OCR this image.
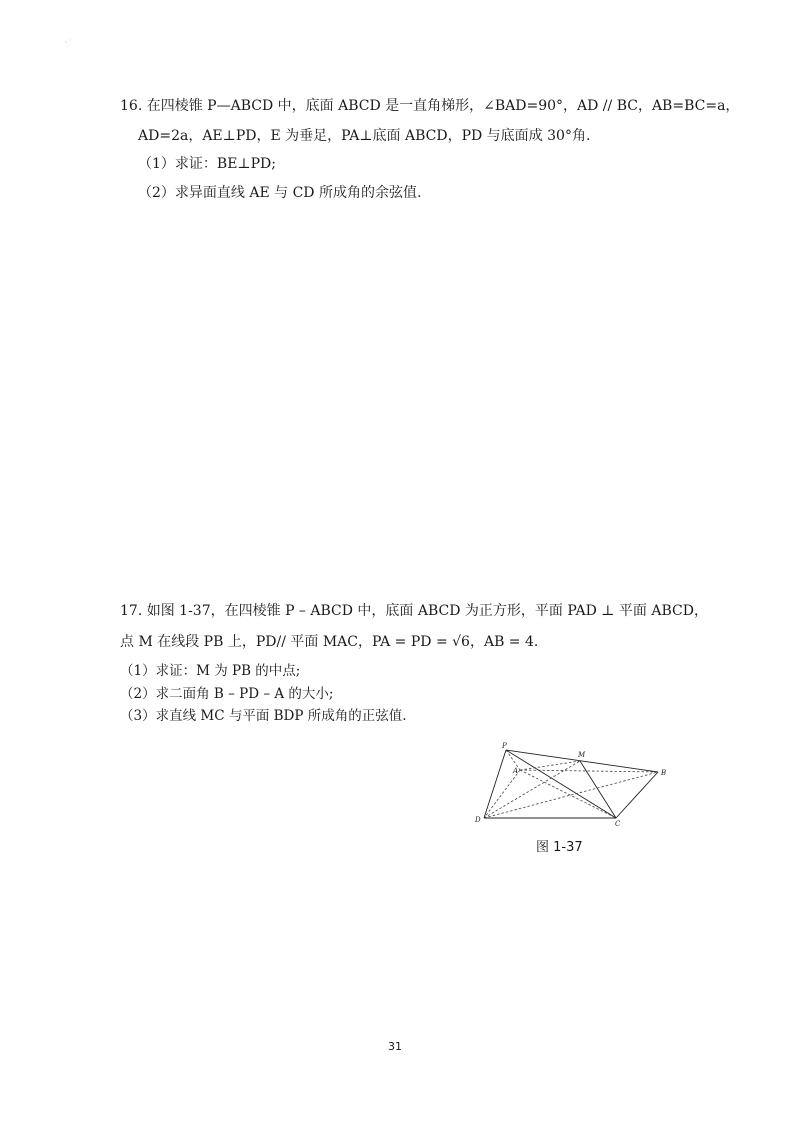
16. 在四棱锥 P—ABCD 中，底面 ABCD 是一直角梯形，∠BAD=90°，AD // BC，AB=BC=a，
AD=2a，AE⊥PD，E 为垂足，PA⊥底面 ABCD，PD 与底面成 30°角.
（1）求证：BE⊥PD;
（2）求异面直线 AE 与 CD 所成角的余弦值.
17. 如图 1-37，在四棱锥 P – ABCD 中，底面 ABCD 为正方形，平面 PAD ⊥ 平面 ABCD，
点 M 在线段 PB 上，PD// 平面 MAC，PA = PD = √6，AB = 4.
（1）求证：M 为 PB 的中点;
（2）求二面角 B – PD – A 的大小;
（3）求直线 MC 与平面 BDP 所成角的正弦值.
P
M
B
A
D	C
图 1-37
31
